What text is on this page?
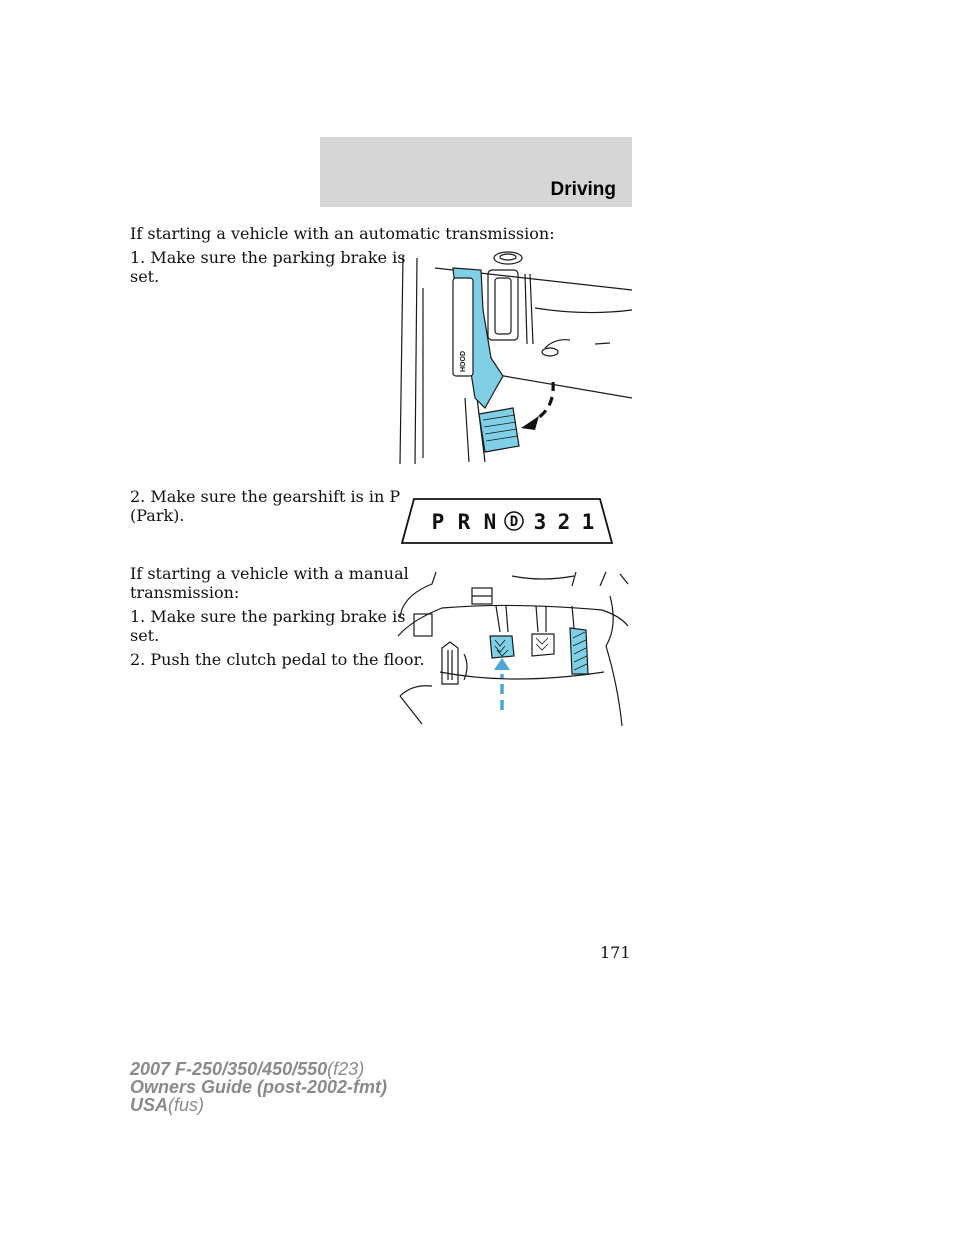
Driving
If starting a vehicle with an automatic transmission:
1. Make sure the parking brake is
set.
HOOD
2. Make sure the gearshift is in P
(Park).	P R N D 3 2 1
If starting a vehicle with a manual
transmission:
1. Make sure the parking brake is
set.
2. Push the clutch pedal to the floor.
171
2007 F-250/350/450/550(f23)
Owners Guide (post-2002-fmt)
USA(fus)
